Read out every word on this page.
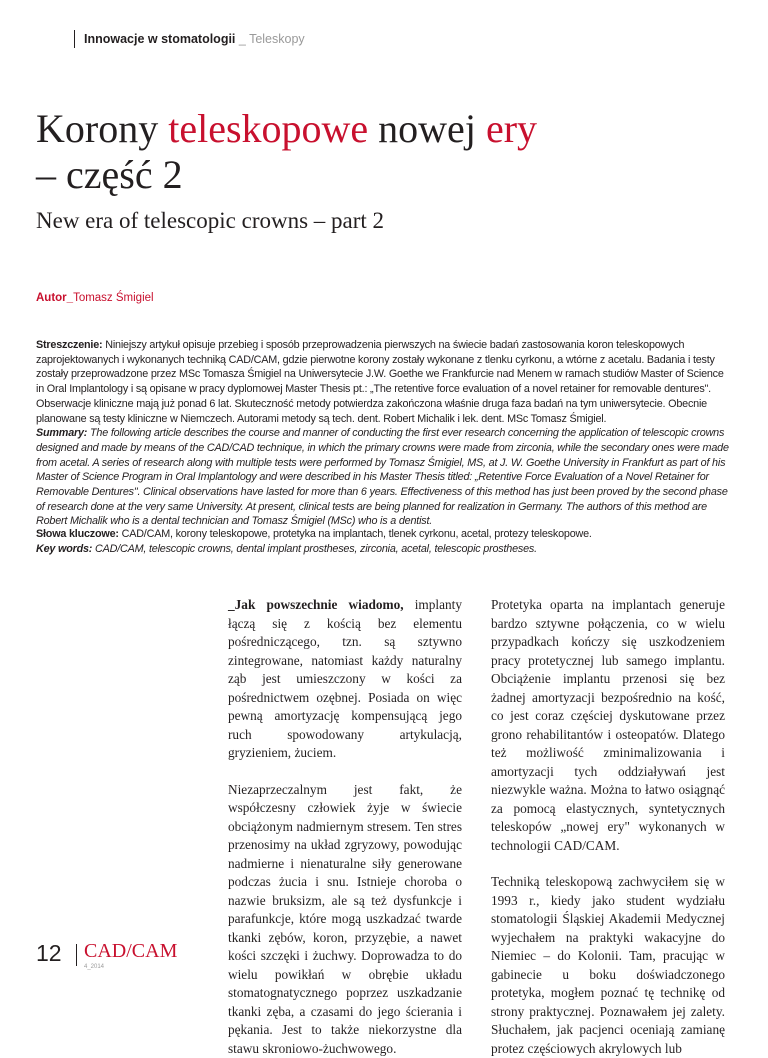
Innowacje w stomatologii _ Teleskopy
Korony teleskopowe nowej ery
– część 2
New era of telescopic crowns – part 2
Autor_Tomasz Śmigiel

Streszczenie: Niniejszy artykuł opisuje przebieg i sposób przeprowadzenia pierwszych na świecie badań zastosowania koron teleskopowych zaprojektowanych i wykonanych techniką CAD/CAM, gdzie pierwotne korony zostały wykonane z tlenku cyrkonu, a wtórne z acetalu. Badania i testy zostały przeprowadzone przez MSc Tomasza Śmigiel na Uniwersytecie J.W. Goethe we Frankfurcie nad Menem w ramach studiów Master of Science in Oral Implantology i są opisane w pracy dyplomowej Master Thesis pt.: „The retentive force evaluation of a novel retainer for removable dentures". Obserwacje kliniczne mają już ponad 6 lat. Skuteczność metody potwierdza zakończona właśnie druga faza badań na tym uniwersytecie. Obecnie planowane są testy kliniczne w Niemczech. Autorami metody są tech. dent. Robert Michalik i lek. dent. MSc Tomasz Śmigiel.

Summary: The following article describes the course and manner of conducting the first ever research concerning the application of telescopic crowns designed and made by means of the CAD/CAD technique, in which the primary crowns were made from zirconia, while the secondary ones were made from acetal. A series of research along with multiple tests were performed by Tomasz Śmigiel, MS, at J. W. Goethe University in Frankfurt as part of his Master of Science Program in Oral Implantology and were described in his Master Thesis titled: „Retentive Force Evaluation of a Novel Retainer for Removable Dentures". Clinical observations have lasted for more than 6 years. Effectiveness of this method has just been proved by the second phase of research done at the very same University. At present, clinical tests are being planned for realization in Germany. The authors of this method are Robert Michalik who is a dental technician and Tomasz Śmigiel (MSc) who is a dentist.

Słowa kluczowe: CAD/CAM, korony teleskopowe, protetyka na implantach, tlenek cyrkonu, acetal, protezy teleskopowe.

Key words: CAD/CAM, telescopic crowns, dental implant prostheses, zirconia, acetal, telescopic prostheses.

_Jak powszechnie wiadomo, implanty łączą się z kością bez elementu pośredniczącego, tzn. są sztywno zintegrowane, natomiast każdy naturalny ząb jest umieszczony w kości za pośrednictwem ozębnej. Posiada on więc pewną amortyzację kompensującą jego ruch spowodowany artykulacją, gryzieniem, żuciem.

Niezaprzeczalnym jest fakt, że współczesny człowiek żyje w świecie obciążonym nadmiernym stresem. Ten stres przenosimy na układ zgryzowy, powodując nadmierne i nienaturalne siły generowane podczas żucia i snu. Istnieje choroba o nazwie bruksizm, ale są też dysfunkcje i parafunkcje, które mogą uszkadzać twarde tkanki zębów, koron, przyzębie, a nawet kości szczęki i żuchwy. Doprowadza to do wielu powikłań w obrębie układu stomatognatycznego poprzez uszkadzanie tkanki zęba, a czasami do jego ścierania i pękania. Jest to także niekorzystne dla stawu skroniowo-żuchwowego.

Protetyka oparta na implantach generuje bardzo sztywne połączenia, co w wielu przypadkach kończy się uszkodzeniem pracy protetycznej lub samego implantu. Obciążenie implantu przenosi się bez żadnej amortyzacji bezpośrednio na kość, co jest coraz częściej dyskutowane przez grono rehabilitantów i osteopatów. Dlatego też możliwość zminimalizowania i amortyzacji tych oddziaływań jest niezwykle ważna. Można to łatwo osiągnąć za pomocą elastycznych, syntetycznych teleskopów „nowej ery" wykonanych w technologii CAD/CAM.

Techniką teleskopową zachwyciłem się w 1993 r., kiedy jako student wydziału stomatologii Śląskiej Akademii Medycznej wyjechałem na praktyki wakacyjne do Niemiec – do Kolonii. Tam, pracując w gabinecie u boku doświadczonego protetyka, mogłem poznać tę technikę od strony praktycznej. Poznawałem jej zalety. Słuchałem, jak pacjenci oceniają zamianę protez częściowych akrylowych lub

12 CAD/CAM
4_2014
